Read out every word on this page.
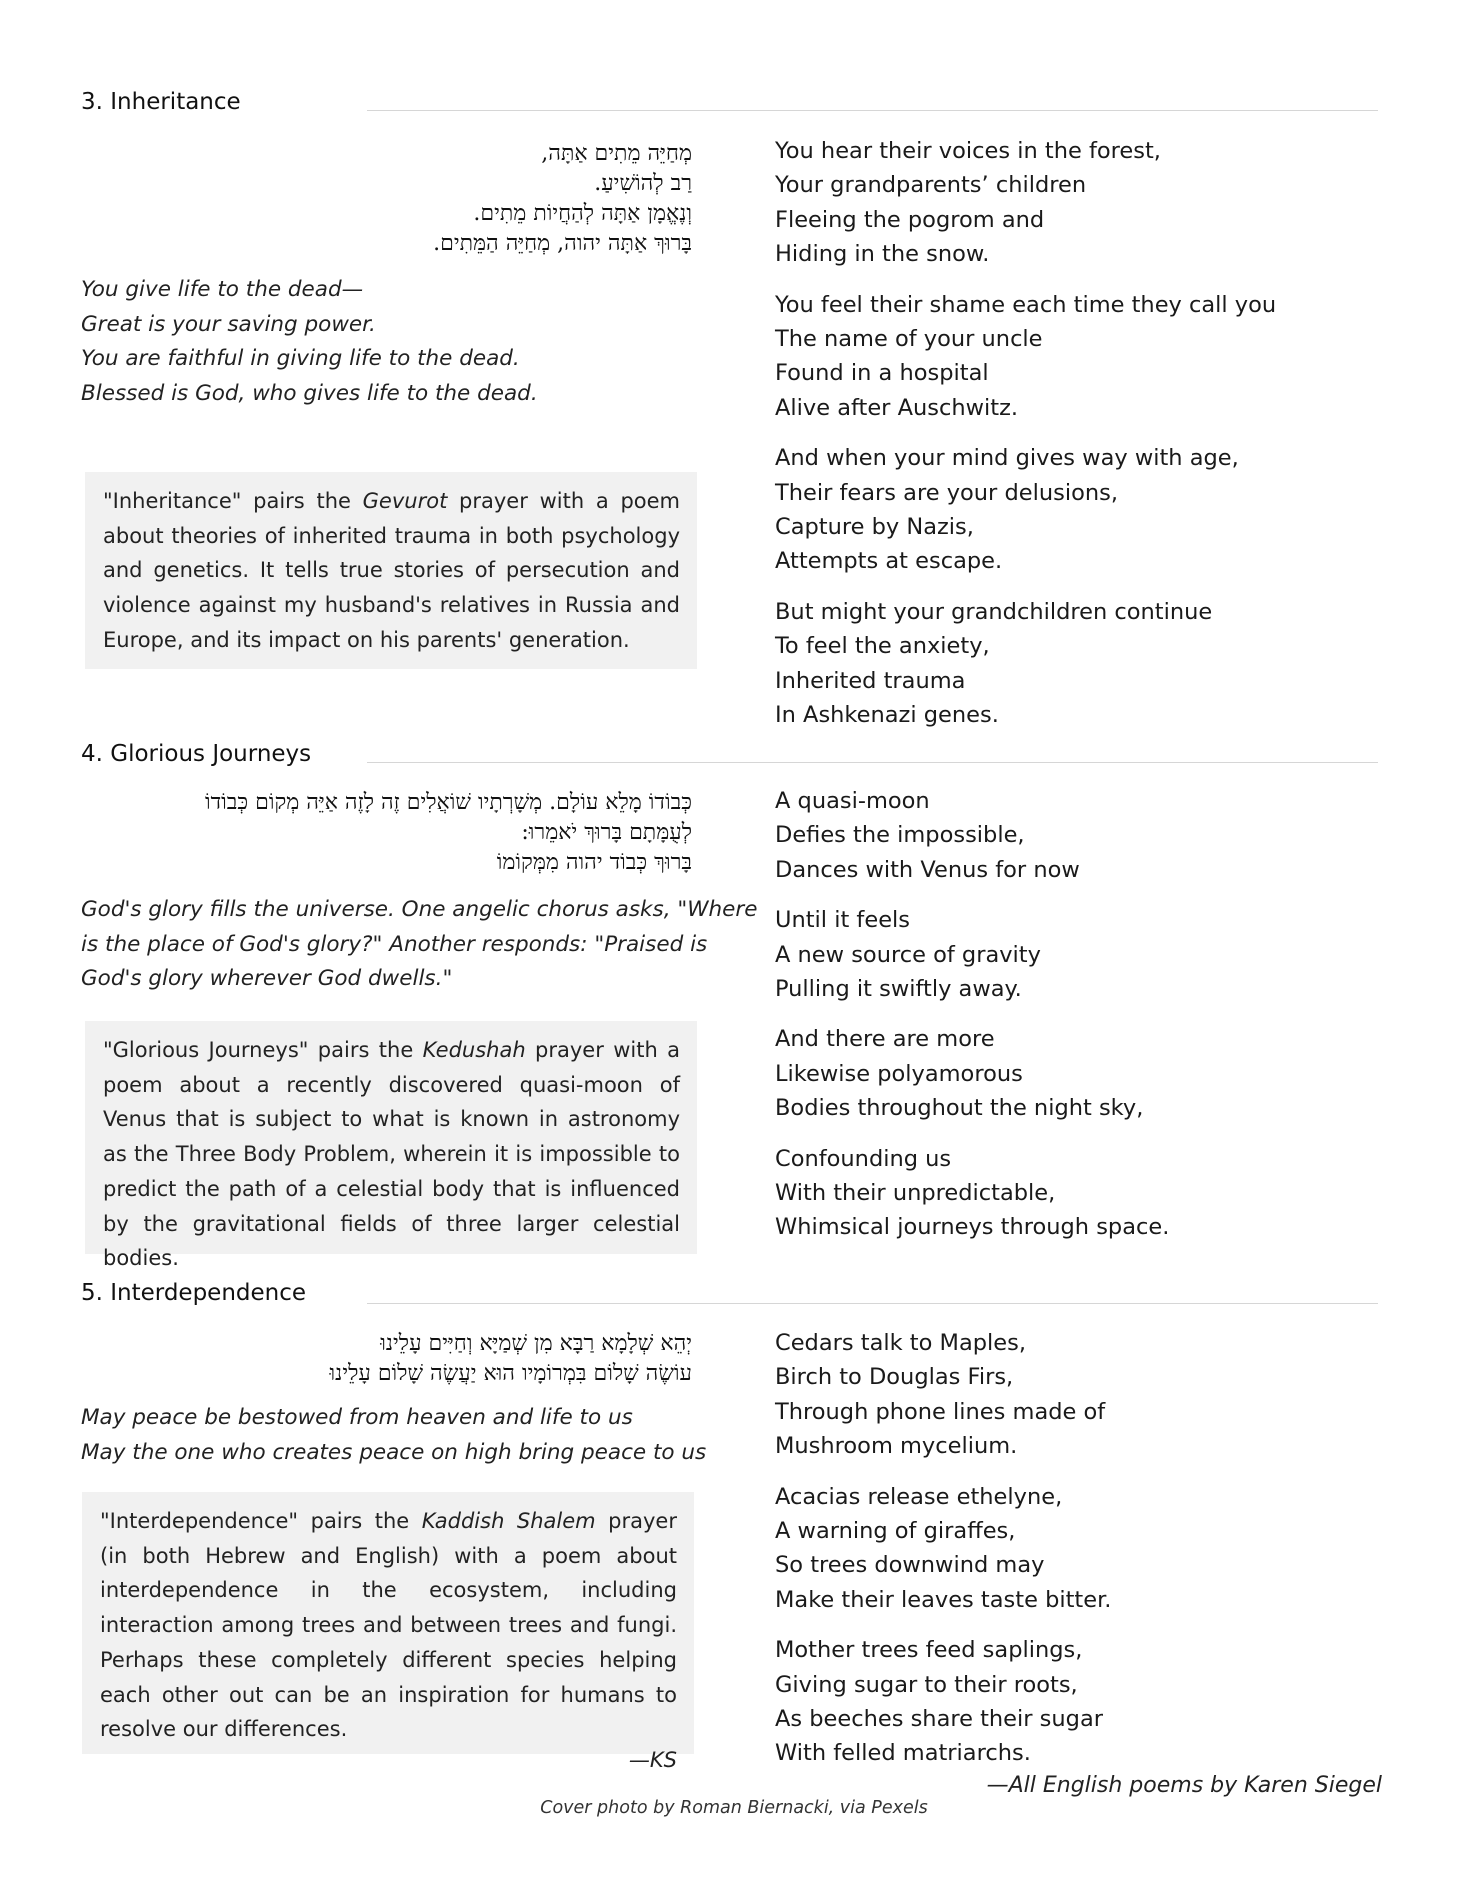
3. Inheritance
מְחַיֵּה מֵתִים אַתָּה,
רַב לְהוֹשִׁיעַ.
וְנֶאֱמָן אַתָּה לְהַחֲיוֹת מֵתִים.
בָּרוּךְ אַתָּה יהוה, מְחַיֵּה הַמֵּתִים.
You give life to the dead—
Great is your saving power.
You are faithful in giving life to the dead.
Blessed is God, who gives life to the dead.
"Inheritance" pairs the Gevurot prayer with a poem about theories of inherited trauma in both psychology and genetics. It tells true stories of persecution and violence against my husband's relatives in Russia and Europe, and its impact on his parents' generation.
You hear their voices in the forest,
Your grandparents’ children
Fleeing the pogrom and
Hiding in the snow.
You feel their shame each time they call you
The name of your uncle
Found in a hospital
Alive after Auschwitz.
And when your mind gives way with age,
Their fears are your delusions,
Capture by Nazis,
Attempts at escape.
But might your grandchildren continue
To feel the anxiety,
Inherited trauma
In Ashkenazi genes.
4. Glorious Journeys
כְּבוֹדוֹ מָלֵא עוֹלָם. מְשָׁרְתָיו שׁוֹאֲלִים זֶה לָזֶה אַיֵּה מְקוֹם כְּבוֹדוֹ
לְעֻמָּתָם בָּרוּךְ יֹאמֵרוּ:
בָּרוּךְ כְּבוֹד יהוה מִמְּקוֹמוֹ
God's glory fills the universe. One angelic chorus asks, "Where
is the place of God's glory?" Another responds: "Praised is
God's glory wherever God dwells."
"Glorious Journeys" pairs the Kedushah prayer with a poem about a recently discovered quasi-moon of Venus that is subject to what is known in astronomy as the Three Body Problem, wherein it is impossible to predict the path of a celestial body that is influenced by the gravitational fields of three larger celestial bodies.
A quasi-moon
Defies the impossible,
Dances with Venus for now
Until it feels
A new source of gravity
Pulling it swiftly away.
And there are more
Likewise polyamorous
Bodies throughout the night sky,
Confounding us
With their unpredictable,
Whimsical journeys through space.
5. Interdependence
יְהֵא שְׁלָמָא רַבָּא מִן שְׁמַיָּא וְחַיִּים עָלֵינוּ
עוֹשֶׂה שָׁלוֹם בִּמְרוֹמָיו הוּא יַעֲשֶׂה שָׁלוֹם עָלֵינוּ
May peace be bestowed from heaven and life to us
May the one who creates peace on high bring peace to us
"Interdependence" pairs the Kaddish Shalem prayer (in both Hebrew and English) with a poem about interdependence in the ecosystem, including interaction among trees and between trees and fungi. Perhaps these completely different species helping each other out can be an inspiration for humans to resolve our differences.
—KS
Cedars talk to Maples,
Birch to Douglas Firs,
Through phone lines made of
Mushroom mycelium.
Acacias release ethelyne,
A warning of giraffes,
So trees downwind may
Make their leaves taste bitter.
Mother trees feed saplings,
Giving sugar to their roots,
As beeches share their sugar
With felled matriarchs.
—All English poems by Karen Siegel
Cover photo by Roman Biernacki, via Pexels
